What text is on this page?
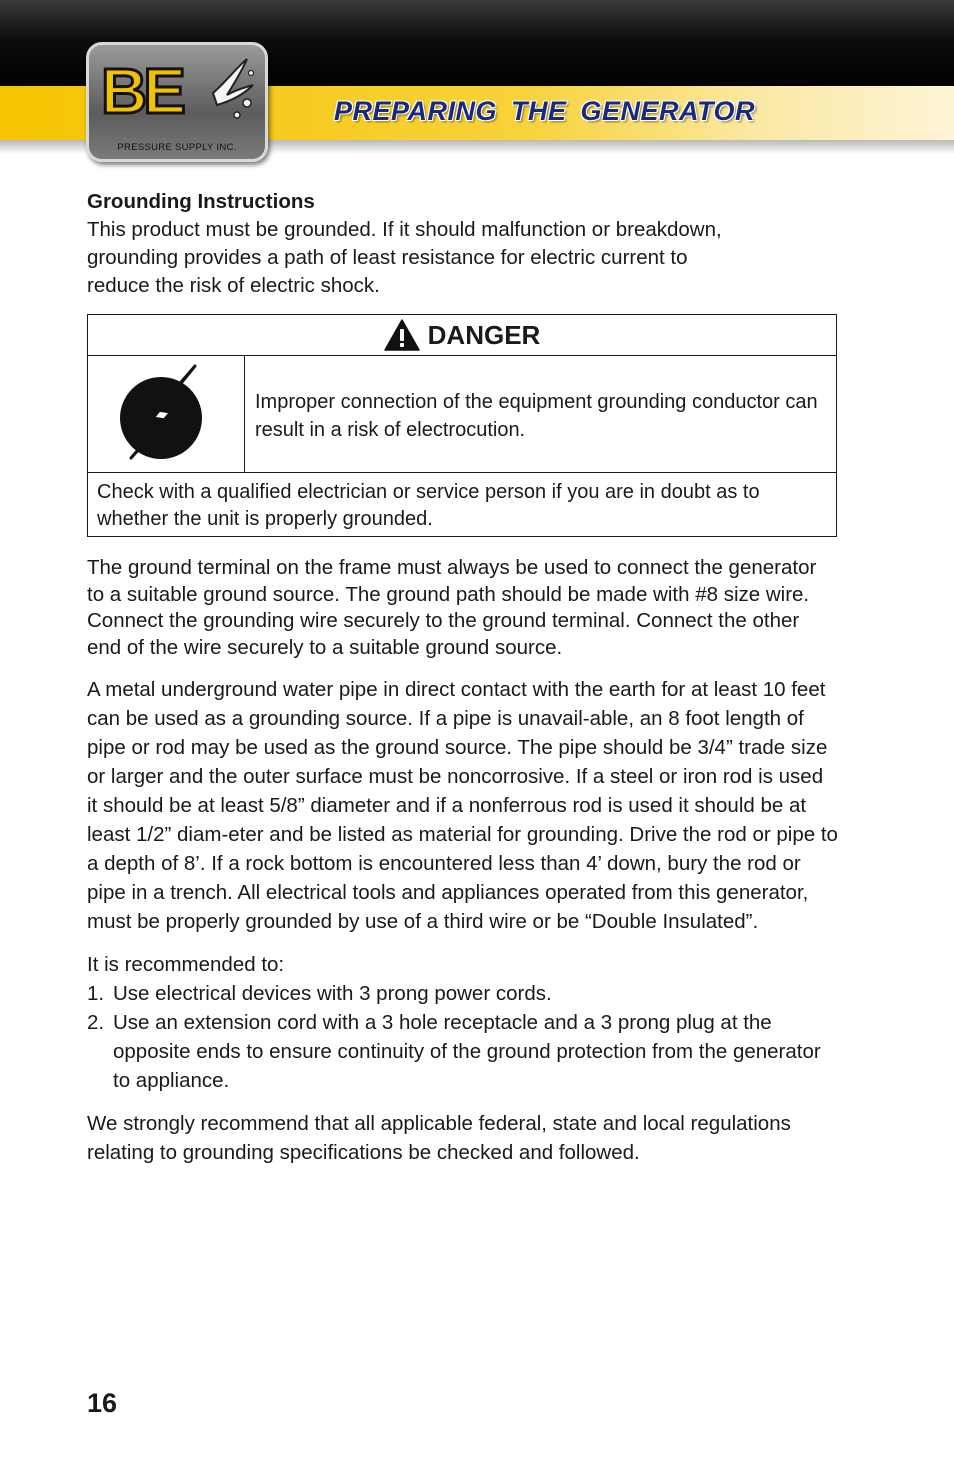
BE
PRESSURE SUPPLY INC.
PREPARING THE GENERATOR

Grounding Instructions

This product must be grounded. If it should malfunction or breakdown,

grounding provides a path of least resistance for electric current to

reduce the risk of electric shock.

DANGER
Improper connection of the equipment grounding conductor can result in a risk of electrocution.
Check with a qualified electrician or service person if you are in doubt as to whether the unit is properly grounded.

The ground terminal on the frame must always be used to connect the generator to a suitable ground source. The ground path should be made with #8 size wire. Connect the grounding wire securely to the ground terminal. Connect the other end of the wire securely to a suitable ground source.

A metal underground water pipe in direct contact with the earth for at least 10 feet can be used as a grounding source. If a pipe is unavail-able, an 8 foot length of pipe or rod may be used as the ground source. The pipe should be 3/4” trade size or larger and the outer surface must be noncorrosive. If a steel or iron rod is used it should be at least 5/8” diameter and if a nonferrous rod is used it should be at least 1/2” diam-eter and be listed as material for grounding. Drive the rod or pipe to a depth of 8’. If a rock bottom is encountered less than 4’ down, bury the rod or pipe in a trench. All electrical tools and appliances operated from this generator, must be properly grounded by use of a third wire or be “Double Insulated”.

It is recommended to:

1. Use electrical devices with 3 prong power cords.
2. Use an extension cord with a 3 hole receptacle and a 3 prong plug at the opposite ends to ensure continuity of the ground protection from the generator to appliance.

We strongly recommend that all applicable federal, state and local regulations relating to grounding specifications be checked and followed.

16
